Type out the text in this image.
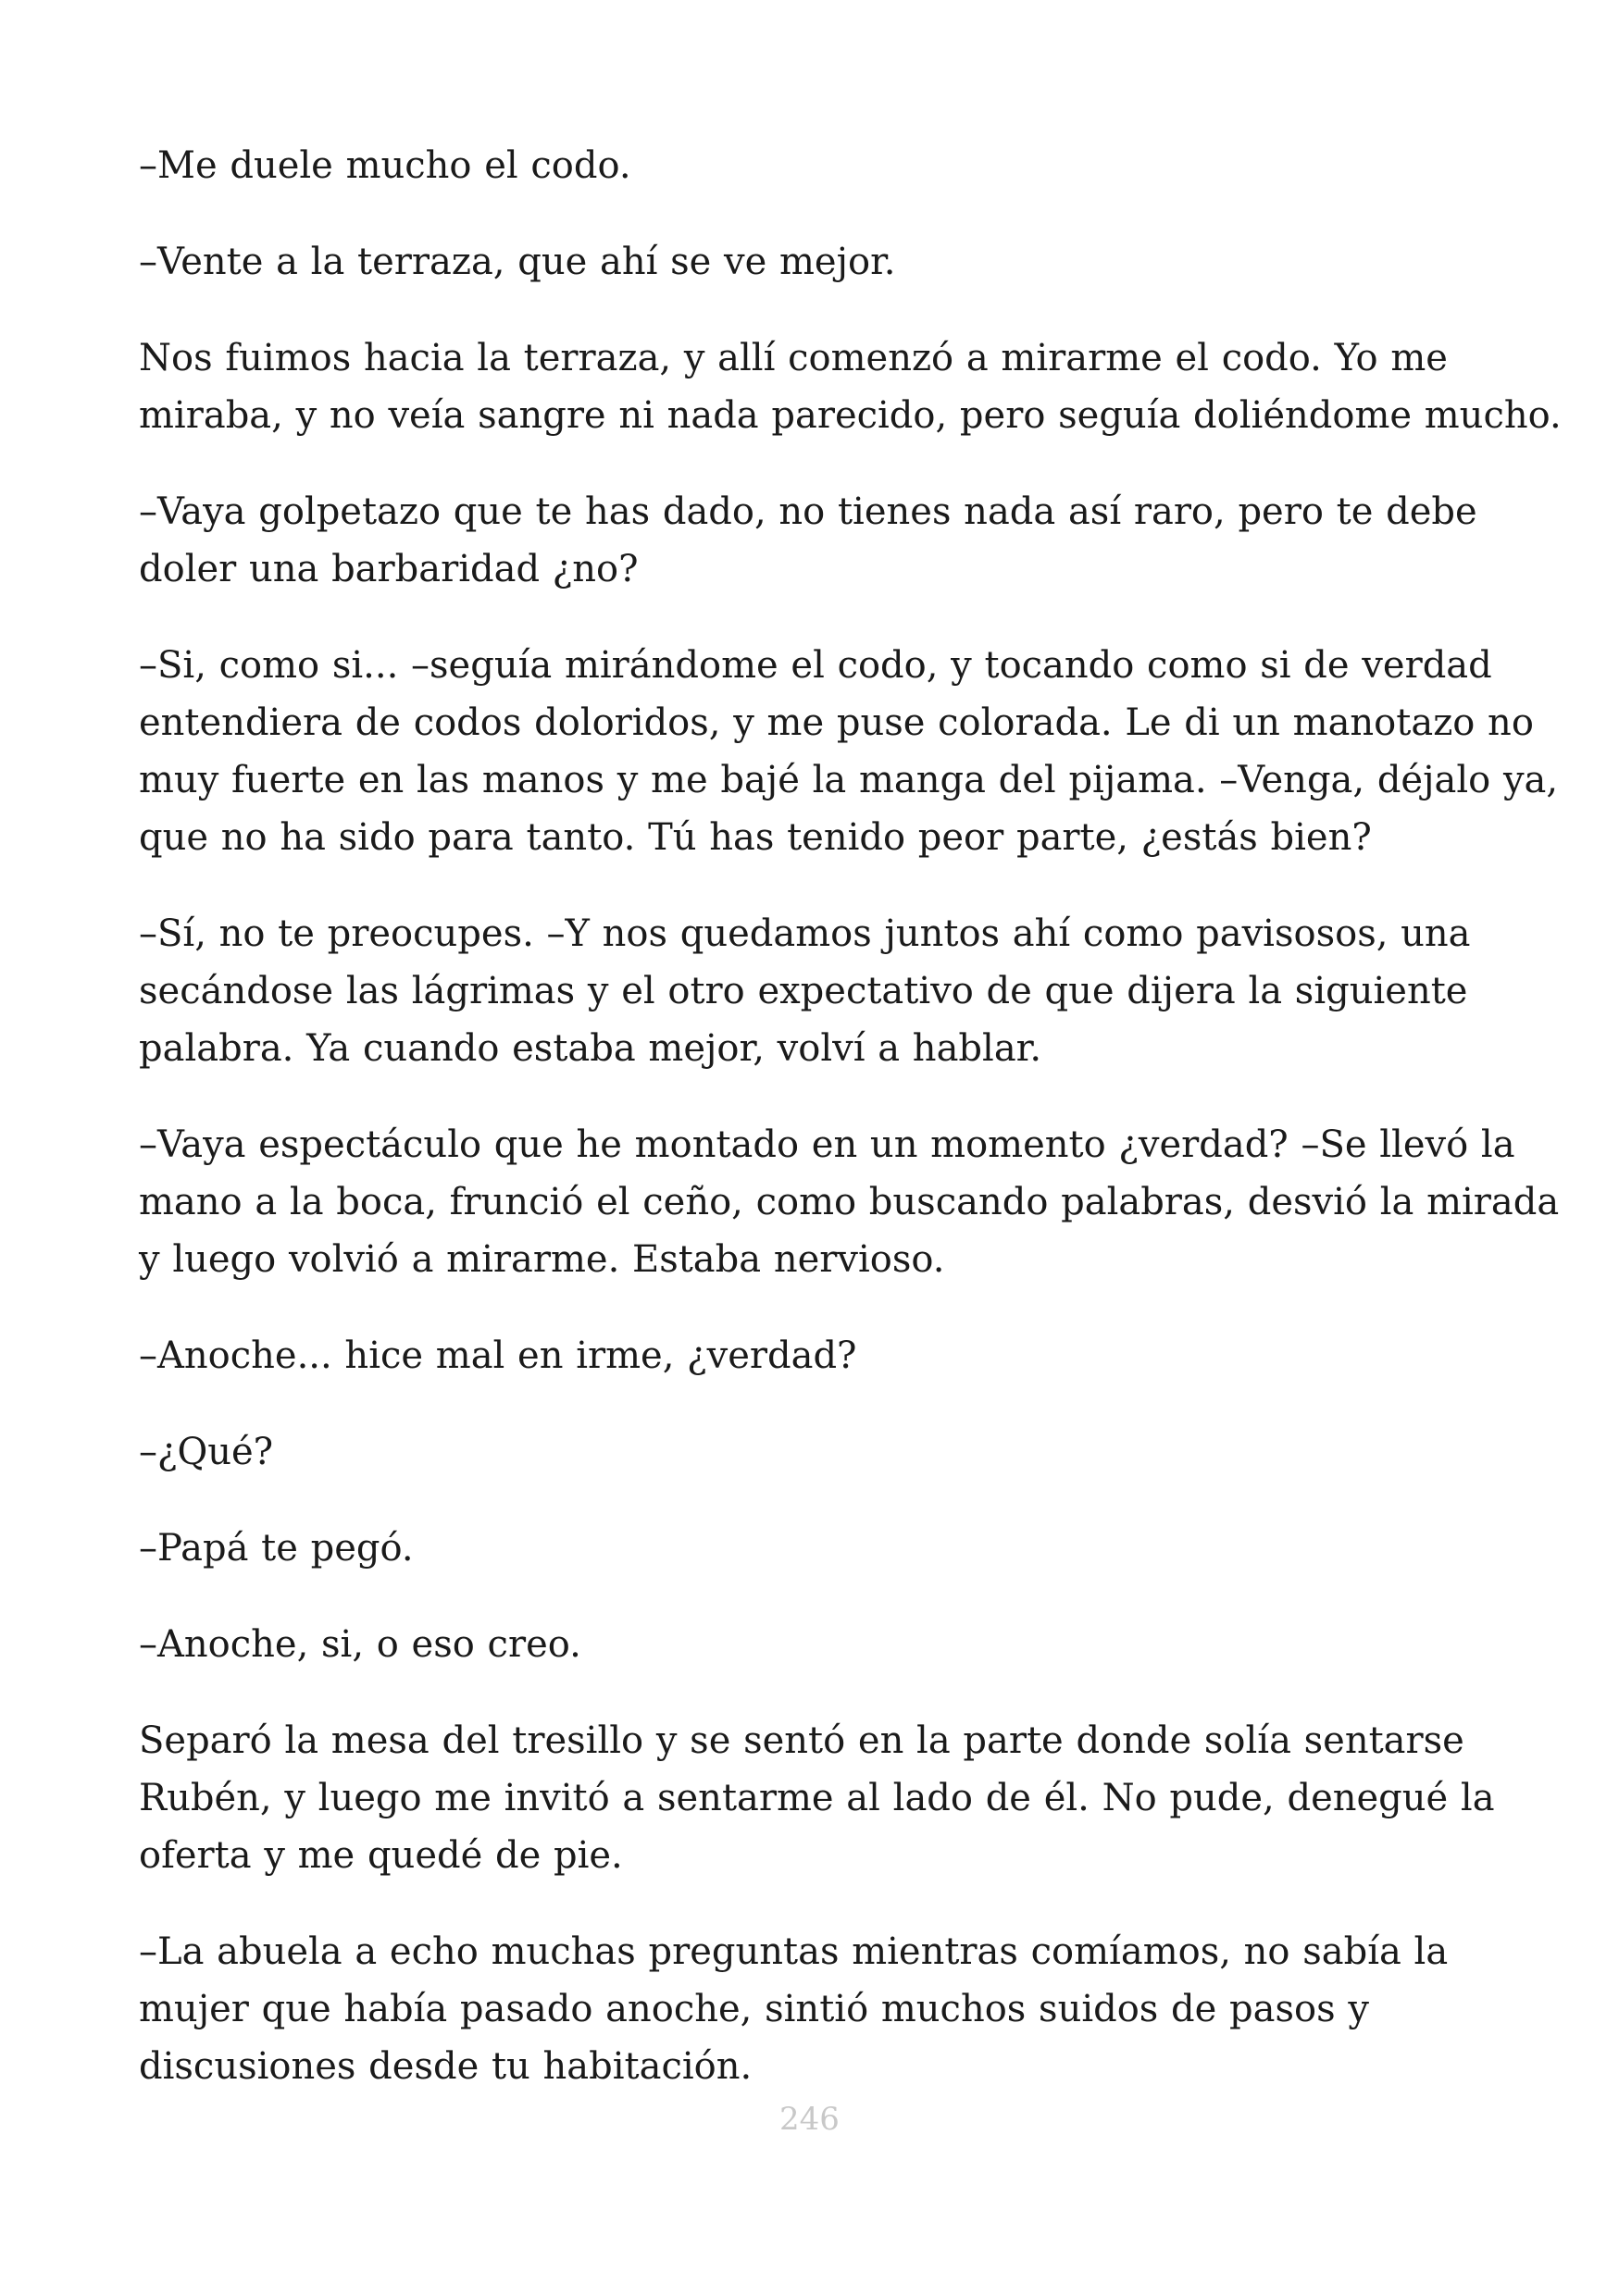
–Me duele mucho el codo.

–Vente a la terraza, que ahí se ve mejor.

Nos fuimos hacia la terraza, y allí comenzó a mirarme el codo. Yo me
miraba, y no veía sangre ni nada parecido, pero seguía doliéndome mucho.

–Vaya golpetazo que te has dado, no tienes nada así raro, pero te debe
doler una barbaridad ¿no?

–Si, como si... –seguía mirándome el codo, y tocando como si de verdad
entendiera de codos doloridos, y me puse colorada. Le di un manotazo no
muy fuerte en las manos y me bajé la manga del pijama. –Venga, déjalo ya,
que no ha sido para tanto. Tú has tenido peor parte, ¿estás bien?

–Sí, no te preocupes. –Y nos quedamos juntos ahí como pavisosos, una
secándose las lágrimas y el otro expectativo de que dijera la siguiente
palabra. Ya cuando estaba mejor, volví a hablar.

–Vaya espectáculo que he montado en un momento ¿verdad? –Se llevó la
mano a la boca, frunció el ceño, como buscando palabras, desvió la mirada
y luego volvió a mirarme. Estaba nervioso.

–Anoche... hice mal en irme, ¿verdad?

–¿Qué?

–Papá te pegó.

–Anoche, si, o eso creo.

Separó la mesa del tresillo y se sentó en la parte donde solía sentarse
Rubén, y luego me invitó a sentarme al lado de él. No pude, denegué la
oferta y me quedé de pie.

–La abuela a echo muchas preguntas mientras comíamos, no sabía la
mujer que había pasado anoche, sintió muchos suidos de pasos y
discusiones desde tu habitación.

246
